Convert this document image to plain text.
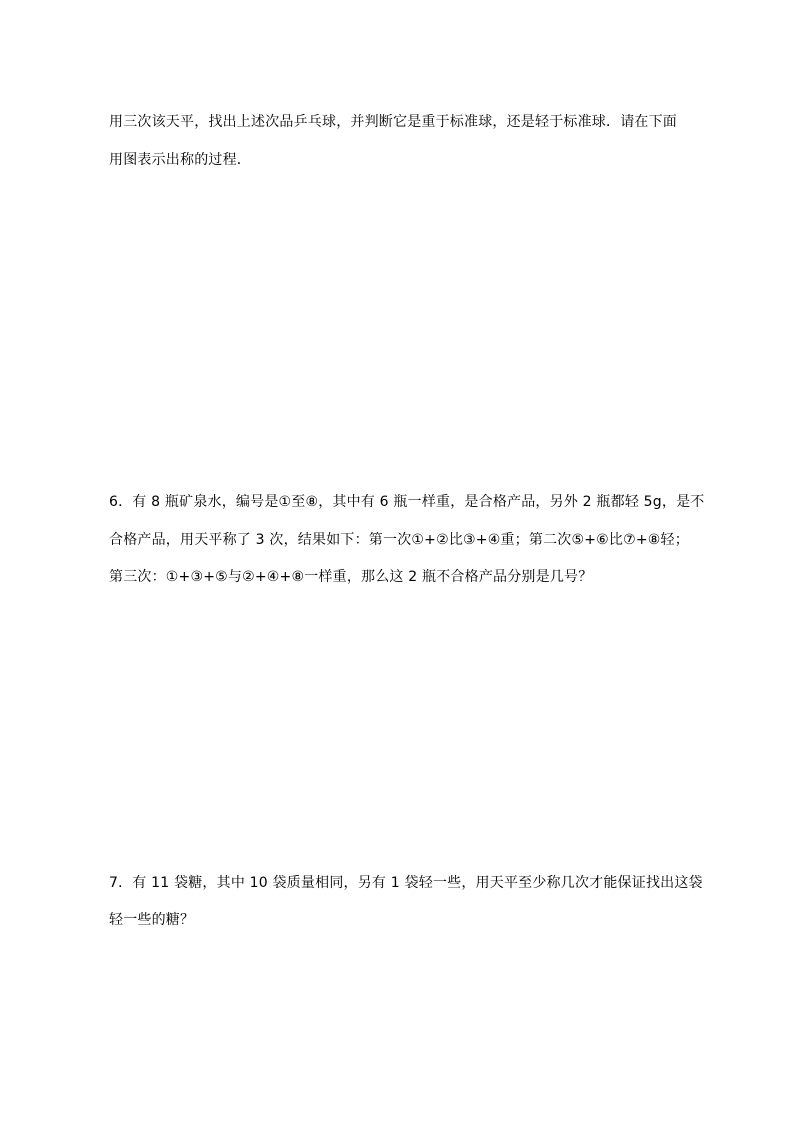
用三次该天平，找出上述次品乒乓球，并判断它是重于标准球，还是轻于标准球．请在下面
用图表示出称的过程．
6．有 8 瓶矿泉水，编号是①至⑧，其中有 6 瓶一样重，是合格产品，另外 2 瓶都轻 5g，是不
合格产品，用天平称了 3 次，结果如下：第一次①+②比③+④重；第二次⑤+⑥比⑦+⑧轻；
第三次：①+③+⑤与②+④+⑧一样重，那么这 2 瓶不合格产品分别是几号？
7．有 11 袋糖，其中 10 袋质量相同，另有 1 袋轻一些，用天平至少称几次才能保证找出这袋
轻一些的糖？
